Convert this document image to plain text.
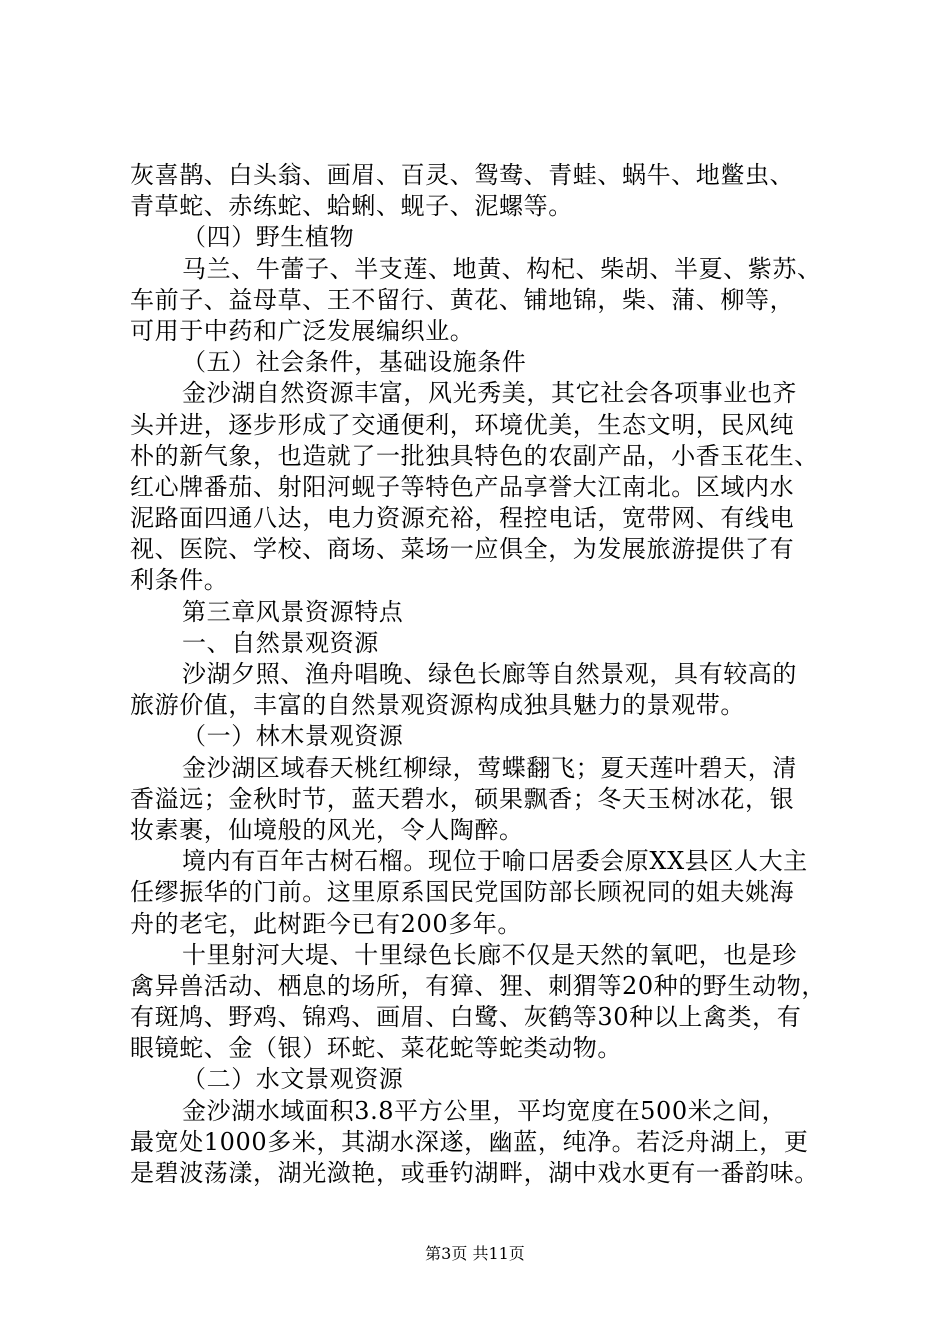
灰喜鹊、白头翁、画眉、百灵、鸳鸯、青蛙、蜗牛、地鳖虫、
青草蛇、赤练蛇、蛤蜊、蚬子、泥螺等。
（四）野生植物
马兰、牛蕾子、半支莲、地黄、构杞、柴胡、半夏、紫苏、
车前子、益母草、王不留行、黄花、铺地锦，柴、蒲、柳等，
可用于中药和广泛发展编织业。
（五）社会条件，基础设施条件
金沙湖自然资源丰富，风光秀美，其它社会各项事业也齐
头并进，逐步形成了交通便利，环境优美，生态文明，民风纯
朴的新气象，也造就了一批独具特色的农副产品，小香玉花生、
红心牌番茄、射阳河蚬子等特色产品享誉大江南北。区域内水
泥路面四通八达，电力资源充裕，程控电话，宽带网、有线电
视、医院、学校、商场、菜场一应俱全，为发展旅游提供了有
利条件。
第三章风景资源特点
一、自然景观资源
沙湖夕照、渔舟唱晚、绿色长廊等自然景观，具有较高的
旅游价值，丰富的自然景观资源构成独具魅力的景观带。
（一）林木景观资源
金沙湖区域春天桃红柳绿，莺蝶翻飞；夏天莲叶碧天，清
香溢远；金秋时节，蓝天碧水，硕果飘香；冬天玉树冰花，银
妆素裹，仙境般的风光，令人陶醉。
境内有百年古树石榴。现位于喻口居委会原XX县区人大主
任缪振华的门前。这里原系国民党国防部长顾祝同的姐夫姚海
舟的老宅，此树距今已有200多年。
十里射河大堤、十里绿色长廊不仅是天然的氧吧，也是珍
禽异兽活动、栖息的场所，有獐、狸、刺猬等20种的野生动物，
有斑鸠、野鸡、锦鸡、画眉、白鹭、灰鹤等30种以上禽类，有
眼镜蛇、金（银）环蛇、菜花蛇等蛇类动物。
（二）水文景观资源
金沙湖水域面积3.8平方公里，平均宽度在500米之间，
最宽处1000多米，其湖水深遂，幽蓝，纯净。若泛舟湖上，更
是碧波荡漾，湖光潋艳，或垂钓湖畔，湖中戏水更有一番韵味。
第3页 共11页
